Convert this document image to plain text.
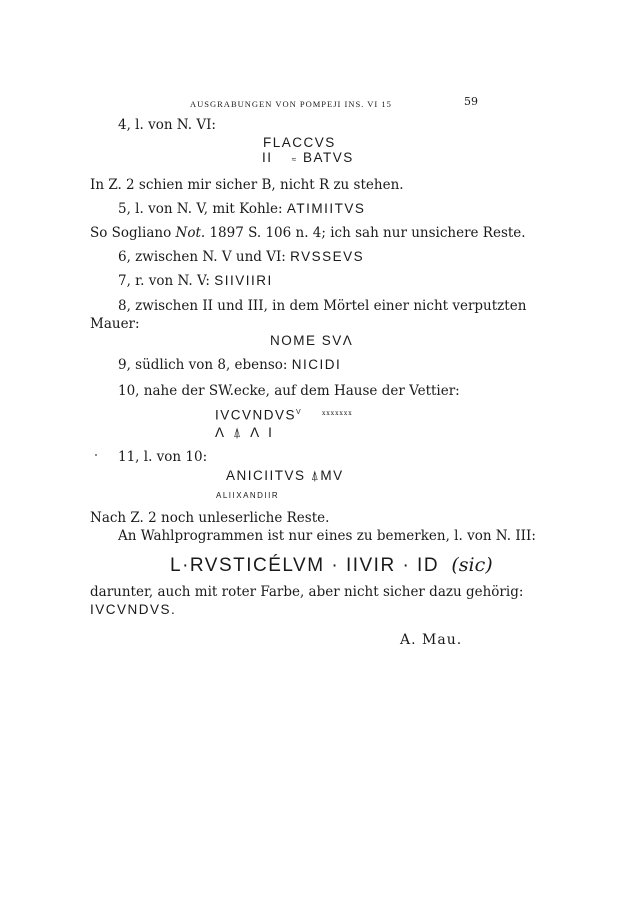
AUSGRABUNGEN VON POMPEJI INS. VI 15	59
4, l. von N. VI:
FLACCVS
II ≈ BATVS
In Z. 2 schien mir sicher B, nicht R zu stehen.
5, l. von N. V, mit Kohle: ATIMIITVS
So Sogliano Not. 1897 S. 106 n. 4; ich sah nur unsichere Reste.
6, zwischen N. V und VI: RVSSEVS
7, r. von N. V: SIIVIIRI
8, zwischen II und III, in dem Mörtel einer nicht verputzten
Mauer:
NOME SVΛ
9, südlich von 8, ebenso: NICIDI
10, nahe der SW.ecke, auf dem Hause der Vettier:
$IVCVNDVS^V$	xxxxxxx
Λ ⍋ Λ I
11, l. von 10:
ANICIITVS ⍋MV
ALIIXANDIIR
Nach Z. 2 noch unleserliche Reste.
An Wahlprogrammen ist nur eines zu bemerken, l. von N. III:
L·RVSTICÉLVM · IIVIR · ID (sic)
darunter, auch mit roter Farbe, aber nicht sicher dazu gehörig:
IVCVNDVS.
A. Mau.
